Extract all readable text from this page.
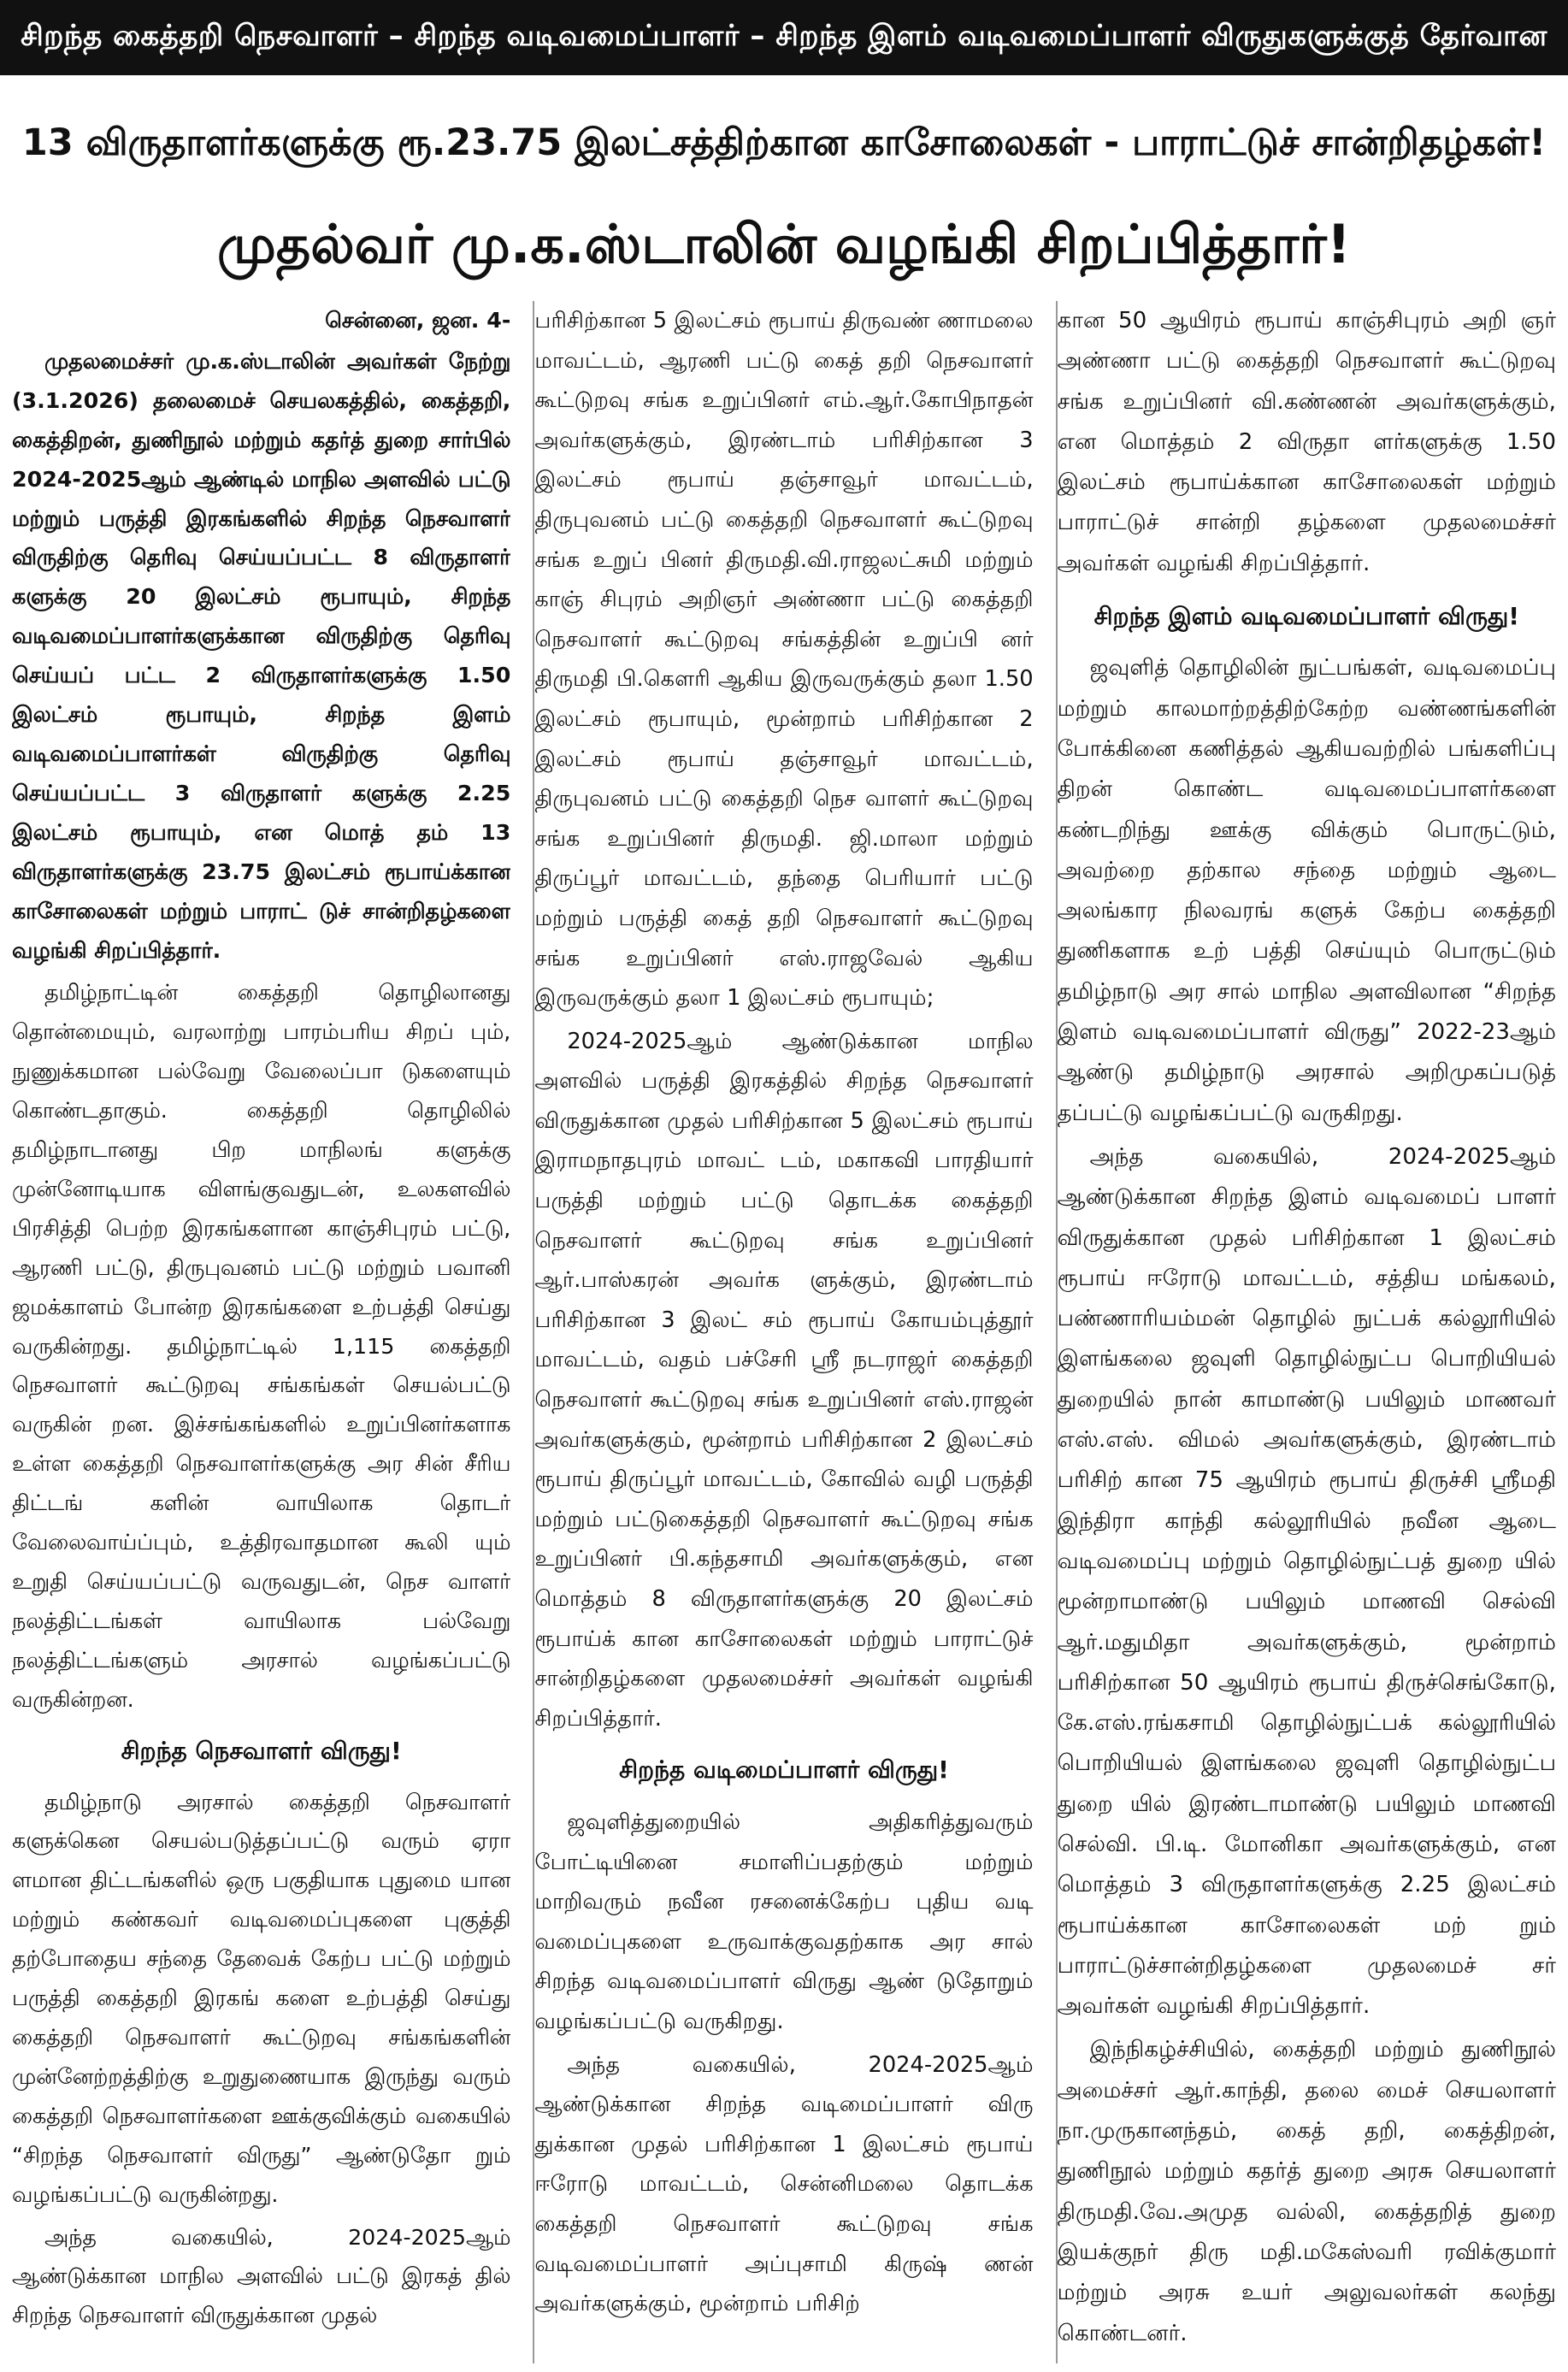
சிறந்த கைத்தறி நெசவாளர் – சிறந்த வடிவமைப்பாளர் – சிறந்த இளம் வடிவமைப்பாளர் விருதுகளுக்குத் தேர்வான
13 விருதாளர்களுக்கு ரூ.23.75 இலட்சத்திற்கான காசோலைகள் - பாராட்டுச் சான்றிதழ்கள்!
முதல்வர் மு.க.ஸ்டாலின் வழங்கி சிறப்பித்தார்!
சென்னை, ஜன. 4-

முதலமைச்சர் மு.க.ஸ்டாலின் அவர்கள் நேற்று (3.1.2026) தலைமைச் செயலகத்தில், கைத்தறி, கைத்திறன், துணிநூல் மற்றும் கதர்த் துறை சார்பில் 2024-2025ஆம் ஆண்டில் மாநில அளவில் பட்டு மற்றும் பருத்தி இரகங்களில் சிறந்த நெசவாளர் விருதிற்கு தெரிவு செய்யப்பட்ட 8 விருதாளர் களுக்கு 20 இலட்சம் ரூபாயும், சிறந்த வடிவமைப்பாளர்களுக்கான விருதிற்கு தெரிவு செய்யப் பட்ட 2 விருதாளர்களுக்கு 1.50 இலட்சம் ரூபாயும், சிறந்த இளம் வடிவமைப்பாளர்கள் விருதிற்கு தெரிவு செய்யப்பட்ட 3 விருதாளர் களுக்கு 2.25 இலட்சம் ரூபாயும், என மொத் தம் 13 விருதாளர்களுக்கு 23.75 இலட்சம் ரூபாய்க்கான காசோலைகள் மற்றும் பாராட் டுச் சான்றிதழ்களை வழங்கி சிறப்பித்தார்.

தமிழ்நாட்டின் கைத்தறி தொழிலானது தொன்மையும், வரலாற்று பாரம்பரிய சிறப் பும், நுணுக்கமான பல்வேறு வேலைப்பா டுகளையும் கொண்டதாகும். கைத்தறி தொழிலில் தமிழ்நாடானது பிற மாநிலங் களுக்கு முன்னோடியாக விளங்குவதுடன், உலகளவில் பிரசித்தி பெற்ற இரகங்களான காஞ்சிபுரம் பட்டு, ஆரணி பட்டு, திருபுவனம் பட்டு மற்றும் பவானி ஜமக்காளம் போன்ற இரகங்களை உற்பத்தி செய்து வருகின்றது. தமிழ்நாட்டில் 1,115 கைத்தறி நெசவாளர் கூட்டுறவு சங்கங்கள் செயல்பட்டு வருகின் றன. இச்சங்கங்களில் உறுப்பினர்களாக உள்ள கைத்தறி நெசவாளர்களுக்கு அர சின் சீரிய திட்டங் களின் வாயிலாக தொடர் வேலைவாய்ப்பும், உத்திரவாதமான கூலி யும் உறுதி செய்யப்பட்டு வருவதுடன், நெச வாளர் நலத்திட்டங்கள் வாயிலாக பல்வேறு நலத்திட்டங்களும் அரசால் வழங்கப்பட்டு வருகின்றன.

சிறந்த நெசவாளர் விருது!

தமிழ்நாடு அரசால் கைத்தறி நெசவாளர் களுக்கென செயல்படுத்தப்பட்டு வரும் ஏரா ளமான திட்டங்களில் ஒரு பகுதியாக புதுமை யான மற்றும் கண்கவர் வடிவமைப்புகளை புகுத்தி தற்போதைய சந்தை தேவைக் கேற்ப பட்டு மற்றும் பருத்தி கைத்தறி இரகங் களை உற்பத்தி செய்து கைத்தறி நெசவாளர் கூட்டுறவு சங்கங்களின் முன்னேற்றத்திற்கு உறுதுணையாக இருந்து வரும் கைத்தறி நெசவாளர்களை ஊக்குவிக்கும் வகையில் “சிறந்த நெசவாளர் விருது” ஆண்டுதோ றும் வழங்கப்பட்டு வருகின்றது.

அந்த வகையில், 2024-2025ஆம் ஆண்டுக்கான மாநில அளவில் பட்டு இரகத் தில் சிறந்த நெசவாளர் விருதுக்கான முதல்

பரிசிற்கான 5 இலட்சம் ரூபாய் திருவண் ணாமலை மாவட்டம், ஆரணி பட்டு கைத் தறி நெசவாளர் கூட்டுறவு சங்க உறுப்பினர் எம்.ஆர்.கோபிநாதன் அவர்களுக்கும், இரண்டாம் பரிசிற்கான 3 இலட்சம் ரூபாய் தஞ்சாவூர் மாவட்டம், திருபுவனம் பட்டு கைத்தறி நெசவாளர் கூட்டுறவு சங்க உறுப் பினர் திருமதி.வி.ராஜலட்சுமி மற்றும் காஞ் சிபுரம் அறிஞர் அண்ணா பட்டு கைத்தறி நெசவாளர் கூட்டுறவு சங்கத்தின் உறுப்பி னர் திருமதி பி.கௌரி ஆகிய இருவருக்கும் தலா 1.50 இலட்சம் ரூபாயும், மூன்றாம் பரிசிற்கான 2 இலட்சம் ரூபாய் தஞ்சாவூர் மாவட்டம், திருபுவனம் பட்டு கைத்தறி நெச வாளர் கூட்டுறவு சங்க உறுப்பினர் திருமதி. ஜி.மாலா மற்றும் திருப்பூர் மாவட்டம், தந்தை பெரியார் பட்டு மற்றும் பருத்தி கைத் தறி நெசவாளர் கூட்டுறவு சங்க உறுப்பினர் எஸ்.ராஜவேல் ஆகிய இருவருக்கும் தலா 1 இலட்சம் ரூபாயும்;

2024-2025ஆம் ஆண்டுக்கான மாநில அளவில் பருத்தி இரகத்தில் சிறந்த நெசவாளர் விருதுக்கான முதல் பரிசிற்கான 5 இலட்சம் ரூபாய் இராமநாதபுரம் மாவட் டம், மகாகவி பாரதியார் பருத்தி மற்றும் பட்டு தொடக்க கைத்தறி நெசவாளர் கூட்டுறவு சங்க உறுப்பினர் ஆர்.பாஸ்கரன் அவர்க ளுக்கும், இரண்டாம் பரிசிற்கான 3 இலட் சம் ரூபாய் கோயம்புத்தூர் மாவட்டம், வதம் பச்சேரி ஸ்ரீ நடராஜர் கைத்தறி நெசவாளர் கூட்டுறவு சங்க உறுப்பினர் எஸ்.ராஜன் அவர்களுக்கும், மூன்றாம் பரிசிற்கான 2 இலட்சம் ரூபாய் திருப்பூர் மாவட்டம், கோவில் வழி பருத்தி மற்றும் பட்டுகைத்தறி நெசவாளர் கூட்டுறவு சங்க உறுப்பினர் பி.கந்தசாமி அவர்களுக்கும், என மொத்தம் 8 விருதாளர்களுக்கு 20 இலட்சம் ரூபாய்க் கான காசோலைகள் மற்றும் பாராட்டுச் சான்றிதழ்களை முதலமைச்சர் அவர்கள் வழங்கி சிறப்பித்தார்.

சிறந்த வடிமைப்பாளர் விருது!

ஜவுளித்துறையில் அதிகரித்துவரும் போட்டியினை சமாளிப்பதற்கும் மற்றும் மாறிவரும் நவீன ரசனைக்கேற்ப புதிய வடி வமைப்புகளை உருவாக்குவதற்காக அர சால் சிறந்த வடிவமைப்பாளர் விருது ஆண் டுதோறும் வழங்கப்பட்டு வருகிறது.

அந்த வகையில், 2024-2025ஆம் ஆண்டுக்கான சிறந்த வடிமைப்பாளர் விரு துக்கான முதல் பரிசிற்கான 1 இலட்சம் ரூபாய் ஈரோடு மாவட்டம், சென்னிமலை தொடக்க கைத்தறி நெசவாளர் கூட்டுறவு சங்க வடிவமைப்பாளர் அப்புசாமி கிருஷ் ணன் அவர்களுக்கும், மூன்றாம் பரிசிற்

கான 50 ஆயிரம் ரூபாய் காஞ்சிபுரம் அறி ஞர் அண்ணா பட்டு கைத்தறி நெசவாளர் கூட்டுறவு சங்க உறுப்பினர் வி.கண்ணன் அவர்களுக்கும், என மொத்தம் 2 விருதா ளர்களுக்கு 1.50 இலட்சம் ரூபாய்க்கான காசோலைகள் மற்றும் பாராட்டுச் சான்றி தழ்களை முதலமைச்சர் அவர்கள் வழங்கி சிறப்பித்தார்.

சிறந்த இளம் வடிவமைப்பாளர் விருது!

ஜவுளித் தொழிலின் நுட்பங்கள், வடிவமைப்பு மற்றும் காலமாற்றத்திற்கேற்ற வண்ணங்களின் போக்கினை கணித்தல் ஆகியவற்றில் பங்களிப்பு திறன் கொண்ட வடிவமைப்பாளர்களை கண்டறிந்து ஊக்கு விக்கும் பொருட்டும், அவற்றை தற்கால சந்தை மற்றும் ஆடை அலங்கார நிலவரங் களுக் கேற்ப கைத்தறி துணிகளாக உற் பத்தி செய்யும் பொருட்டும் தமிழ்நாடு அர சால் மாநில அளவிலான “சிறந்த இளம் வடிவமைப்பாளர் விருது” 2022-23ஆம் ஆண்டு தமிழ்நாடு அரசால் அறிமுகப்படுத் தப்பட்டு வழங்கப்பட்டு வருகிறது.

அந்த வகையில், 2024-2025ஆம் ஆண்டுக்கான சிறந்த இளம் வடிவமைப் பாளர் விருதுக்கான முதல் பரிசிற்கான 1 இலட்சம் ரூபாய் ஈரோடு மாவட்டம், சத்திய மங்கலம், பண்ணாரியம்மன் தொழில் நுட்பக் கல்லூரியில் இளங்கலை ஜவுளி தொழில்நுட்ப பொறியியல் துறையில் நான் காமாண்டு பயிலும் மாணவர் எஸ்.எஸ். விமல் அவர்களுக்கும், இரண்டாம் பரிசிற் கான 75 ஆயிரம் ரூபாய் திருச்சி ஸ்ரீமதி இந்திரா காந்தி கல்லூரியில் நவீன ஆடை வடிவமைப்பு மற்றும் தொழில்நுட்பத் துறை யில் மூன்றாமாண்டு பயிலும் மாணவி செல்வி ஆர்.மதுமிதா அவர்களுக்கும், மூன்றாம் பரிசிற்கான 50 ஆயிரம் ரூபாய் திருச்செங்கோடு, கே.எஸ்.ரங்கசாமி தொழில்நுட்பக் கல்லூரியில் பொறியியல் இளங்கலை ஜவுளி தொழில்நுட்ப துறை யில் இரண்டாமாண்டு பயிலும் மாணவி செல்வி. பி.டி. மோனிகா அவர்களுக்கும், என மொத்தம் 3 விருதாளர்களுக்கு 2.25 இலட்சம் ரூபாய்க்கான காசோலைகள் மற் றும் பாராட்டுச்சான்றிதழ்களை முதலமைச் சர் அவர்கள் வழங்கி சிறப்பித்தார்.

இந்நிகழ்ச்சியில், கைத்தறி மற்றும் துணிநூல் அமைச்சர் ஆர்.காந்தி, தலை மைச் செயலாளர் நா.முருகானந்தம், கைத் தறி, கைத்திறன், துணிநூல் மற்றும் கதர்த் துறை அரசு செயலாளர் திருமதி.வே.அமுத வல்லி, கைத்தறித் துறை இயக்குநர் திரு மதி.மகேஸ்வரி ரவிக்குமார் மற்றும் அரசு உயர் அலுவலர்கள் கலந்து கொண்டனர்.
